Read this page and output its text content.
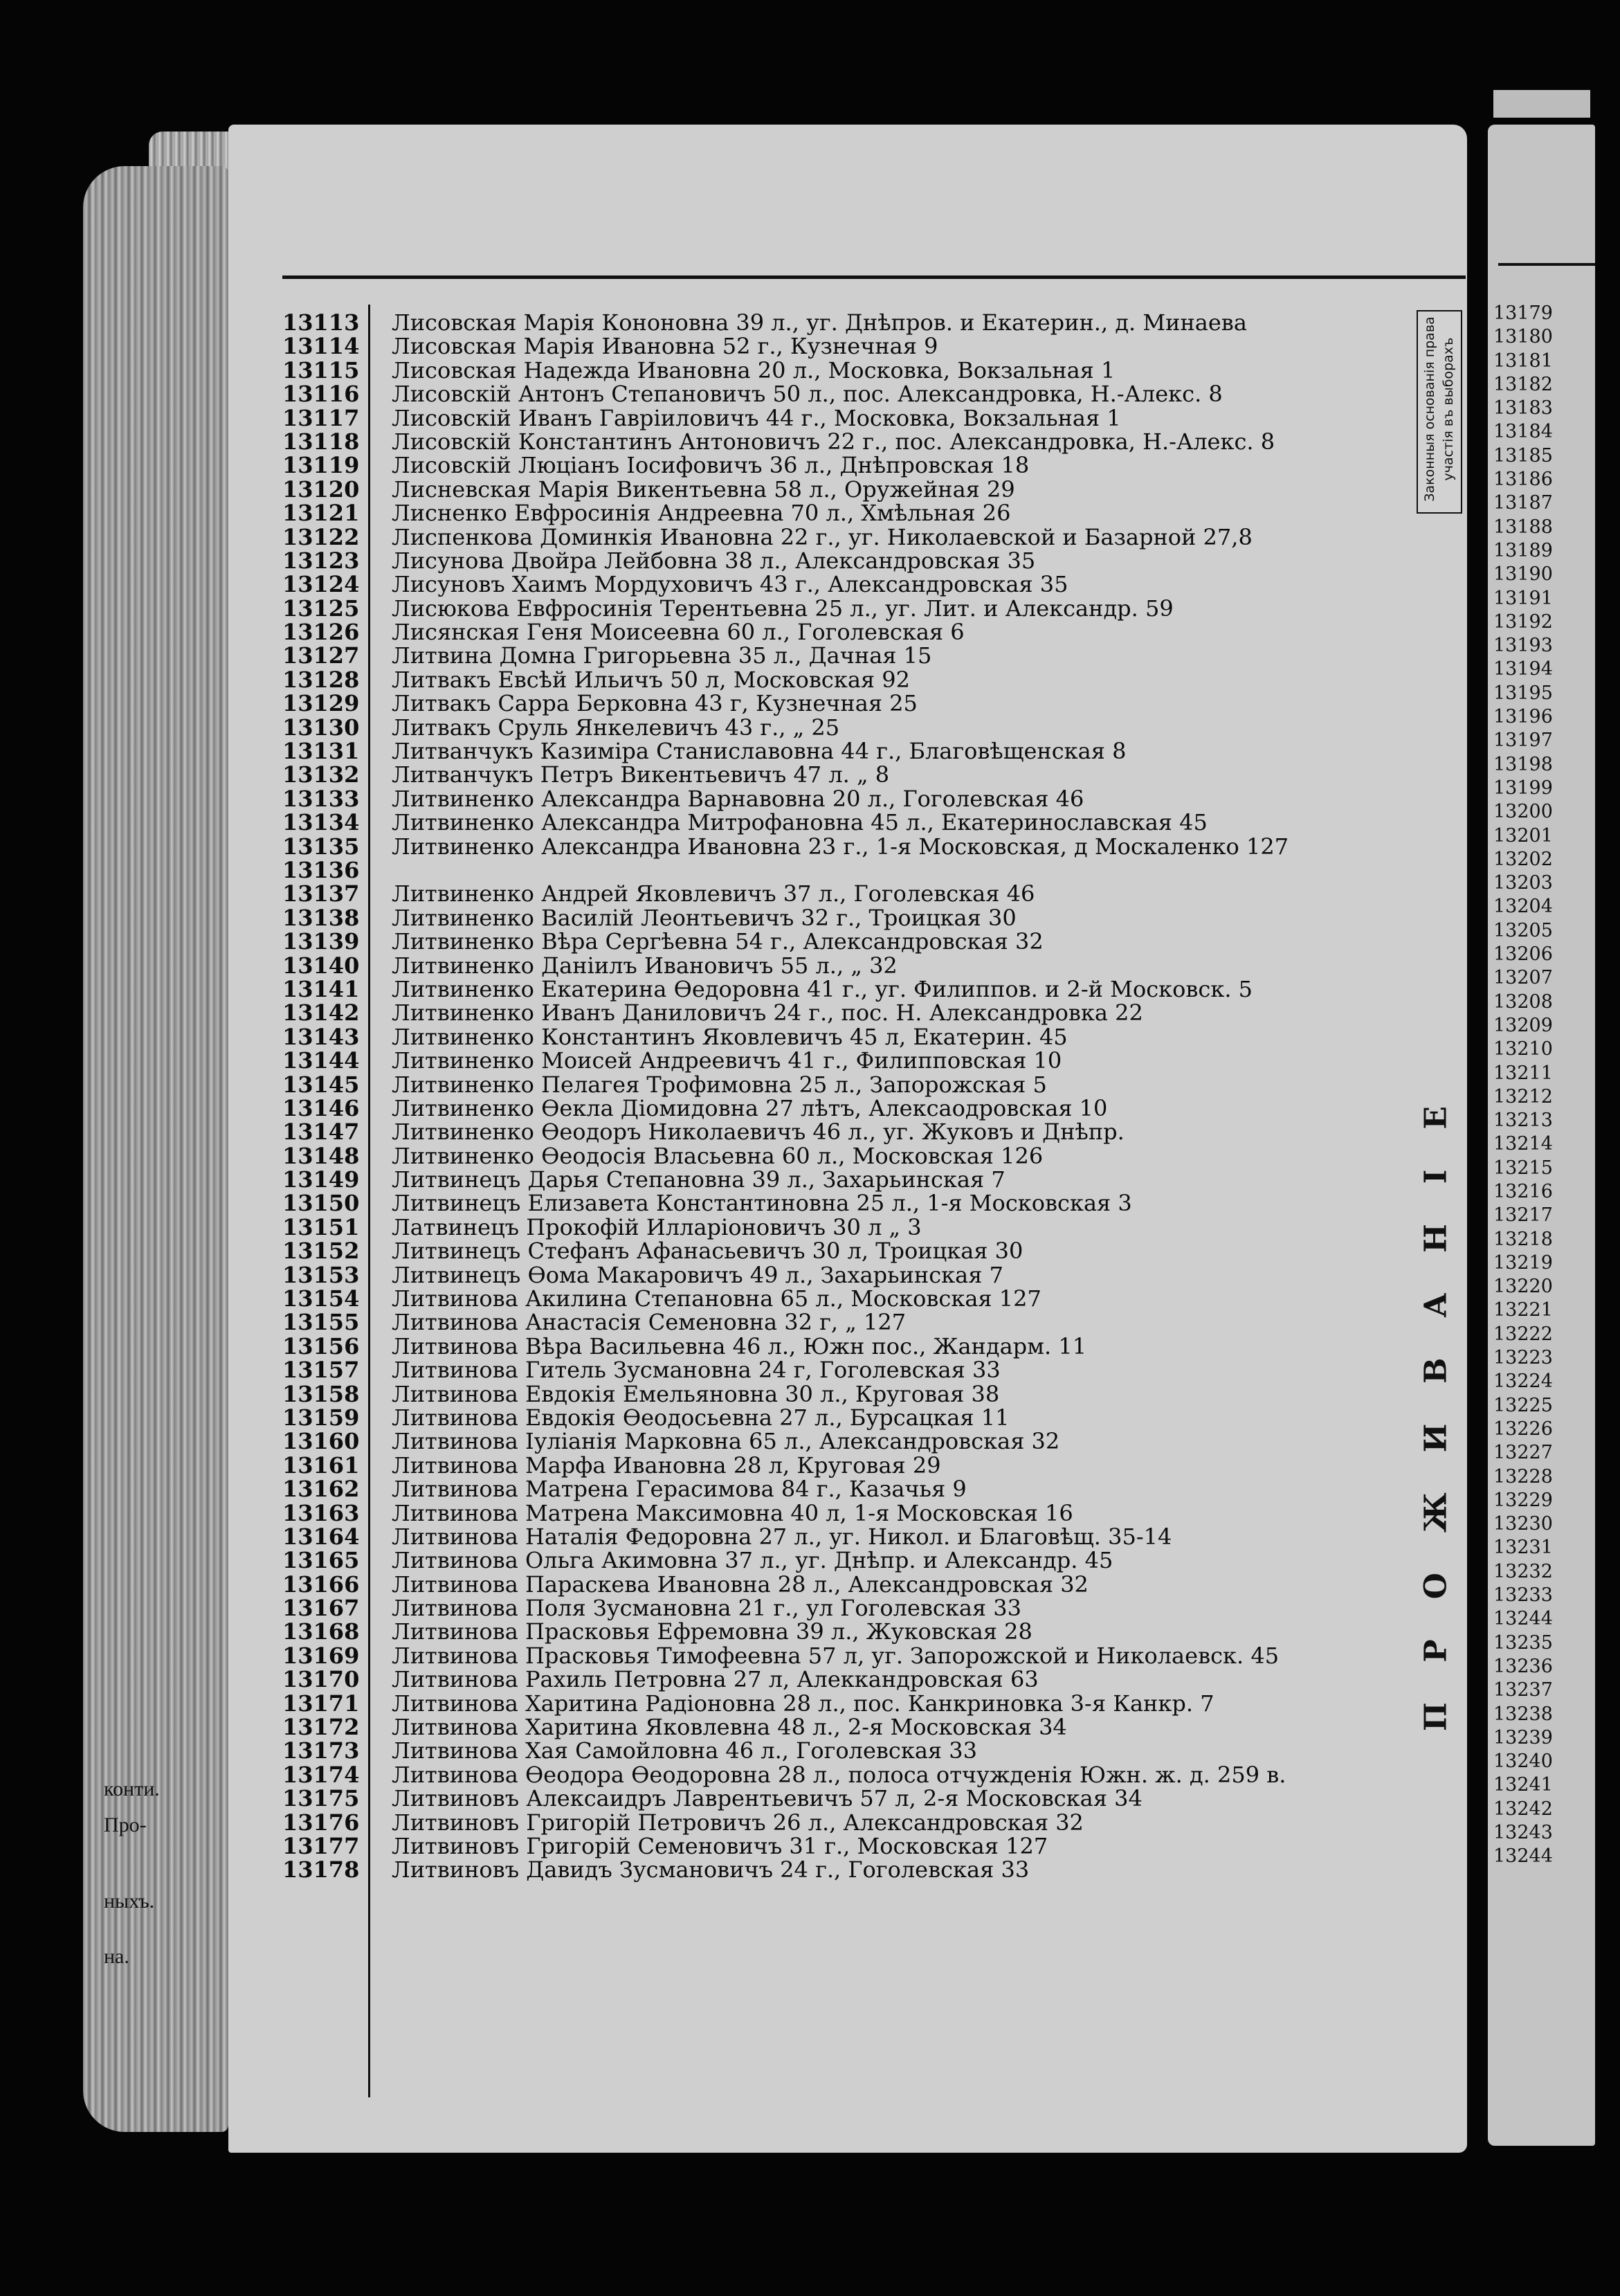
конти.
Про-
ныхъ.
на.
13113 Лисовская Марія Кононовна 39 л., уг. Днѣпров. и Екатерин., д. Минаева
13114 Лисовская Марія Ивановна 52 г., Кузнечная 9
13115 Лисовская Надежда Ивановна 20 л., Московка, Вокзальная 1
13116 Лисовскій Антонъ Степановичъ 50 л., пос. Александровка, Н.-Алекс. 8
13117 Лисовскій Иванъ Гавріиловичъ 44 г., Московка, Вокзальная 1
13118 Лисовскій Константинъ Антоновичъ 22 г., пос. Александровка, Н.-Алекс. 8
13119 Лисовскій Люціанъ Іосифовичъ 36 л., Днѣпровская 18
13120 Лисневская Марія Викентьевна 58 л., Оружейная 29
13121 Лисненко Евфросинія Андреевна 70 л., Хмѣльная 26
13122 Лиспенкова Доминкія Ивановна 22 г., уг. Николаевской и Базарной 27,8
13123 Лисунова Двойра Лейбовна 38 л., Александровская 35
13124 Лисуновъ Хаимъ Мордуховичъ 43 г., Александровская 35
13125 Лисюкова Евфросинія Терентьевна 25 л., уг. Лит. и Александр. 59
13126 Лисянская Геня Моисеевна 60 л., Гоголевская 6
13127 Литвина Домна Григорьевна 35 л., Дачная 15
13128 Литвакъ Евсѣй Ильичъ 50 л, Московская 92
13129 Литвакъ Сарра Берковна 43 г, Кузнечная 25
13130 Литвакъ Сруль Янкелевичъ 43 г., „ 25
13131 Литванчукъ Казиміра Станиславовна 44 г., Благовѣщенская 8
13132 Литванчукъ Петръ Викентьевичъ 47 л. „ 8
13133 Литвиненко Александра Варнавовна 20 л., Гоголевская 46
13134 Литвиненко Александра Митрофановна 45 л., Екатеринославская 45
13135 Литвиненко Александра Ивановна 23 г., 1-я Московская, д Москаленко 127
13136
13137 Литвиненко Андрей Яковлевичъ 37 л., Гоголевская 46
13138 Литвиненко Василій Леонтьевичъ 32 г., Троицкая 30
13139 Литвиненко Вѣра Сергѣевна 54 г., Александровская 32
13140 Литвиненко Даніилъ Ивановичъ 55 л., „ 32
13141 Литвиненко Екатерина Өедоровна 41 г., уг. Филиппов. и 2-й Московск. 5
13142 Литвиненко Иванъ Даниловичъ 24 г., пос. Н. Александровка 22
13143 Литвиненко Константинъ Яковлевичъ 45 л, Екатерин. 45
13144 Литвиненко Моисей Андреевичъ 41 г., Филипповская 10
13145 Литвиненко Пелагея Трофимовна 25 л., Запорожская 5
13146 Литвиненко Өекла Діомидовна 27 лѣтъ, Алексаодровская 10
13147 Литвиненко Өеодоръ Николаевичъ 46 л., уг. Жуковъ и Днѣпр.
13148 Литвиненко Өеодосія Власьевна 60 л., Московская 126
13149 Литвинецъ Дарья Степановна 39 л., Захарьинская 7
13150 Литвинецъ Елизавета Константиновна 25 л., 1-я Московская 3
13151 Латвинецъ Прокофій Илларіоновичъ 30 л „ 3
13152 Литвинецъ Стефанъ Афанасьевичъ 30 л, Троицкая 30
13153 Литвинецъ Өома Макаровичъ 49 л., Захарьинская 7
13154 Литвинова Акилина Степановна 65 л., Московская 127
13155 Литвинова Анастасія Семеновна 32 г, „ 127
13156 Литвинова Вѣра Васильевна 46 л., Южн пос., Жандарм. 11
13157 Литвинова Гитель Зусмановна 24 г, Гоголевская 33
13158 Литвинова Евдокія Емельяновна 30 л., Круговая 38
13159 Литвинова Евдокія Өеодосьевна 27 л., Бурсацкая 11
13160 Литвинова Іуліанія Марковна 65 л., Александровская 32
13161 Литвинова Марфа Ивановна 28 л, Круговая 29
13162 Литвинова Матрена Герасимова 84 г., Казачья 9
13163 Литвинова Матрена Максимовна 40 л, 1-я Московская 16
13164 Литвинова Наталія Федоровна 27 л., уг. Никол. и Благовѣщ. 35-14
13165 Литвинова Ольга Акимовна 37 л., уг. Днѣпр. и Александр. 45
13166 Литвинова Параскева Ивановна 28 л., Александровская 32
13167 Литвинова Поля Зусмановна 21 г., ул Гоголевская 33
13168 Литвинова Прасковья Ефремовна 39 л., Жуковская 28
13169 Литвинова Прасковья Тимофеевна 57 л, уг. Запорожской и Николаевск. 45
13170 Литвинова Рахиль Петровна 27 л, Алеккандровская 63
13171 Литвинова Харитина Радіоновна 28 л., пос. Канкриновка 3-я Канкр. 7
13172 Литвинова Харитина Яковлевна 48 л., 2-я Московская 34
13173 Литвинова Хая Самойловна 46 л., Гоголевская 33
13174 Литвинова Өеодора Өеодоровна 28 л., полоса отчужденія Южн. ж. д. 259 в.
13175 Литвиновъ Алексаидръ Лаврентьевичъ 57 л, 2-я Московская 34
13176 Литвиновъ Григорій Петровичъ 26 л., Александровская 32
13177 Литвиновъ Григорій Семеновичъ 31 г., Московская 127
13178 Литвиновъ Давидъ Зусмановичъ 24 г., Гоголевская 33
Законныя основанія права участія въ выборахъ
ПРОЖИВАНІЕ
13179
13180
13181
13182
13183
13184
13185
13186
13187
13188
13189
13190
13191
13192
13193
13194
13195
13196
13197
13198
13199
13200
13201
13202
13203
13204
13205
13206
13207
13208
13209
13210
13211
13212
13213
13214
13215
13216
13217
13218
13219
13220
13221
13222
13223
13224
13225
13226
13227
13228
13229
13230
13231
13232
13233
13244
13235
13236
13237
13238
13239
13240
13241
13242
13243
13244
